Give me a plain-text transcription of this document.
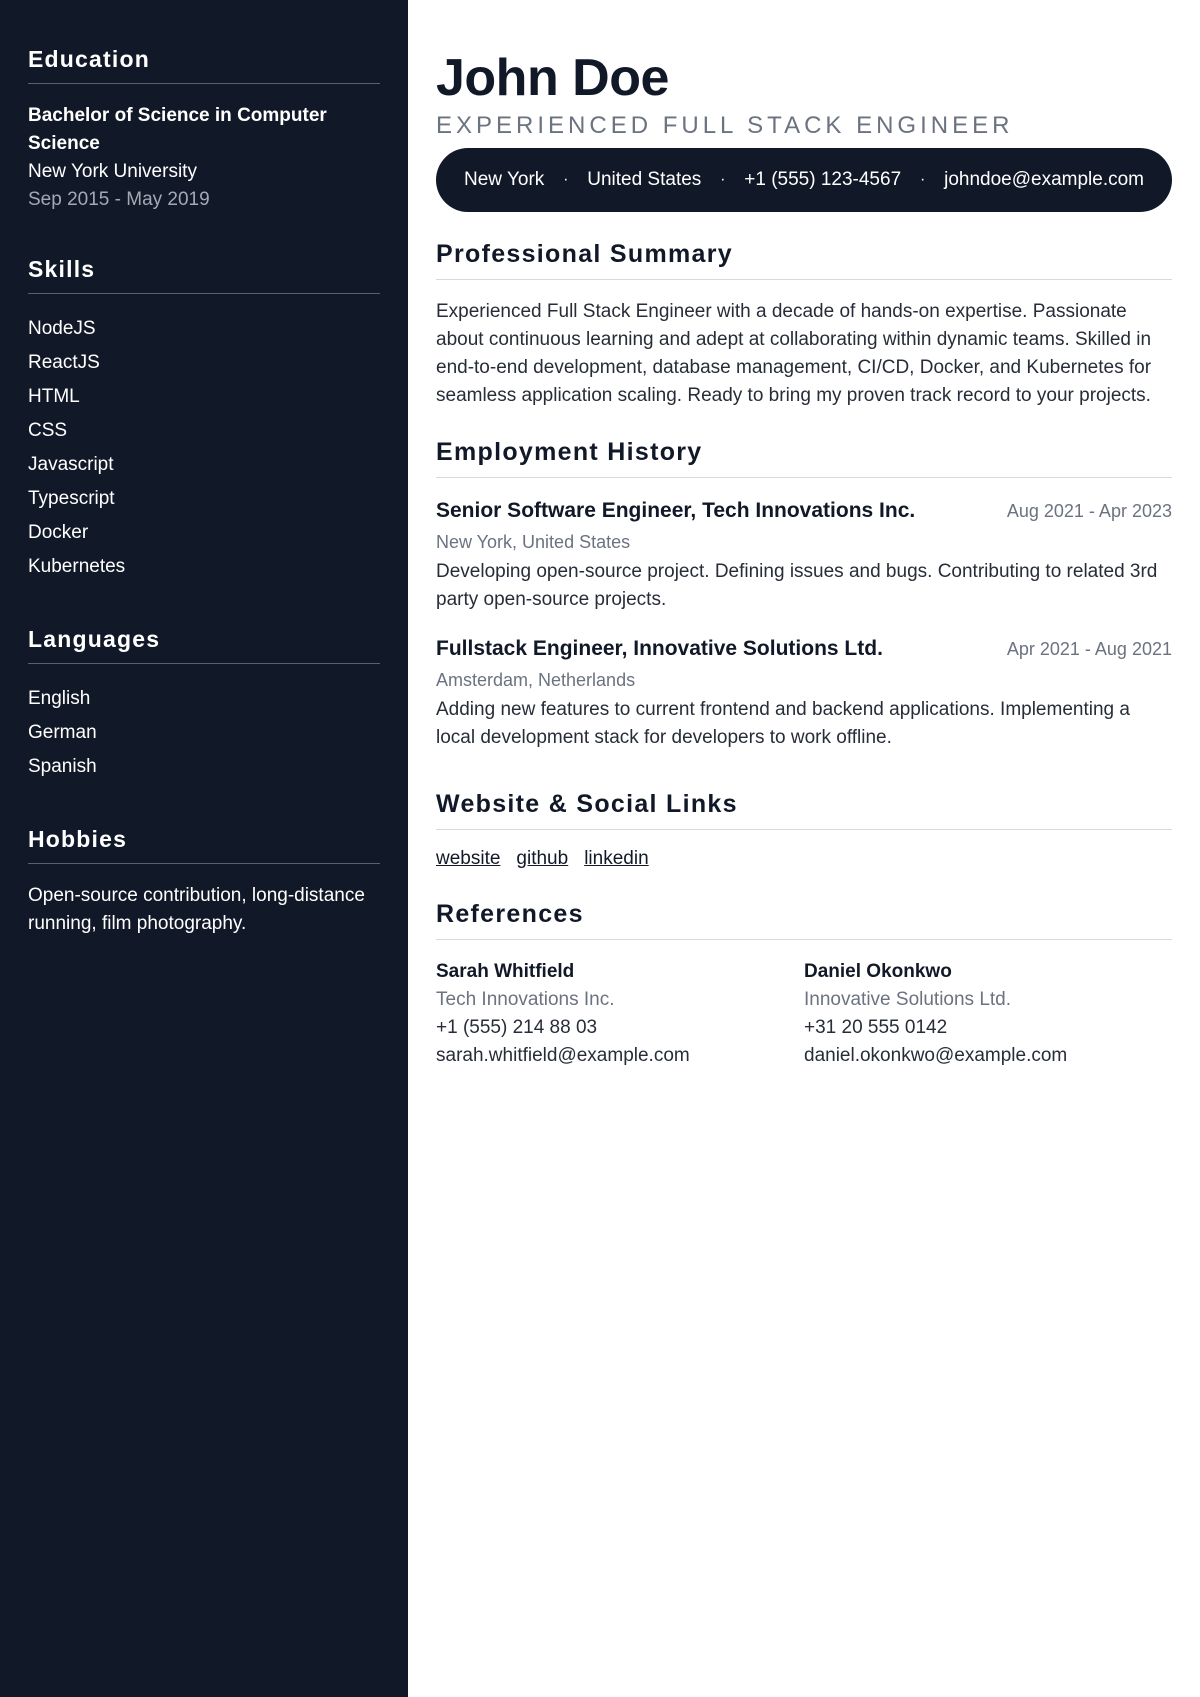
Education
Bachelor of Science in Computer Science
New York University
Sep 2015 - May 2019
Skills
NodeJS
ReactJS
HTML
CSS
Javascript
Typescript
Docker
Kubernetes
Languages
English
German
Spanish
Hobbies
Open-source contribution, long-distance running, film photography.
John Doe
EXPERIENCED FULL STACK ENGINEER
New York · United States · +1 (555) 123-4567 · johndoe@example.com
Professional Summary

Experienced Full Stack Engineer with a decade of hands-on expertise. Passionate about continuous learning and adept at collaborating within dynamic teams. Skilled in end-to-end development, database management, CI/CD, Docker, and Kubernetes for seamless application scaling. Ready to bring my proven track record to your projects.

Employment History
Senior Software Engineer, Tech Innovations Inc.	Aug 2021 - Apr 2023
New York, United States

Developing open-source project. Defining issues and bugs. Contributing to related 3rd party open-source projects.

Fullstack Engineer, Innovative Solutions Ltd.	Apr 2021 - Aug 2021
Amsterdam, Netherlands

Adding new features to current frontend and backend applications. Implementing a local development stack for developers to work offline.

Website & Social Links
website github linkedin
References
Sarah Whitfield
Tech Innovations Inc.
+1 (555) 214 88 03
sarah.whitfield@example.com
Daniel Okonkwo
Innovative Solutions Ltd.
+31 20 555 0142
daniel.okonkwo@example.com
